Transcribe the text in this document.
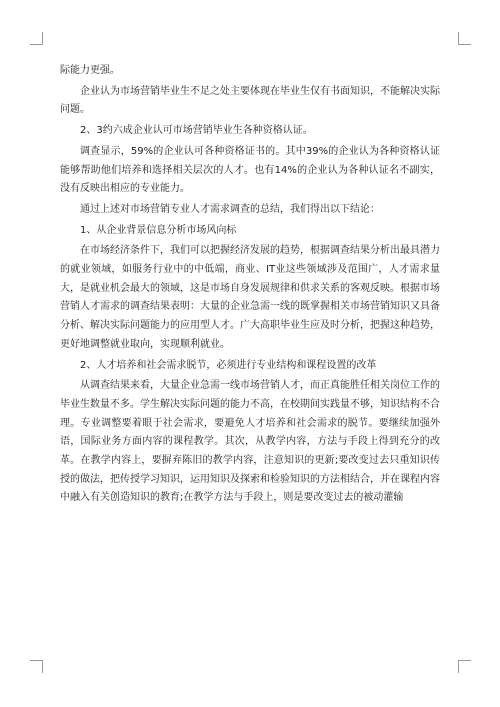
际能力更强。

企业认为市场营销毕业生不足之处主要体现在毕业生仅有书面知识，不能解决实际问题。

2、3约六成企业认可市场营销毕业生各种资格认证。

调查显示，59%的企业认可各种资格证书的。其中39%的企业认为各种资格认证能够帮助他们培养和选择相关层次的人才。也有14%的企业认为各种认证名不副实，没有反映出相应的专业能力。

通过上述对市场营销专业人才需求调查的总结，我们得出以下结论：

1、从企业背景信息分析市场风向标

在市场经济条件下，我们可以把握经济发展的趋势，根据调查结果分析出最具潜力的就业领域，如服务行业中的中低端，商业、IT业这些领域涉及范围广，人才需求量大，是就业机会最大的领域，这是市场自身发展规律和供求关系的客观反映。根据市场营销人才需求的调查结果表明：大量的企业急需一线的既掌握相关市场营销知识又具备分析、解决实际问题能力的应用型人才。广大高职毕业生应及时分析，把握这种趋势，更好地调整就业取向，实现顺利就业。

2、人才培养和社会需求脱节，必须进行专业结构和课程设置的改革

从调查结果来看，大量企业急需一线市场营销人才，而正真能胜任相关岗位工作的毕业生数量不多。学生解决实际问题的能力不高，在校期间实践量不够，知识结构不合理。专业调整要着眼于社会需求，要避免人才培养和社会需求的脱节。要继续加强外语，国际业务方面内容的课程教学。其次，从教学内容，方法与手段上得到充分的改革。在教学内容上，要摒弃陈旧的教学内容，注意知识的更新;要改变过去只重知识传授的做法，把传授学习知识，运用知识及探索和检验知识的方法相结合，并在课程内容中融入有关创造知识的教育;在教学方法与手段上，则是要改变过去的被动灌输
